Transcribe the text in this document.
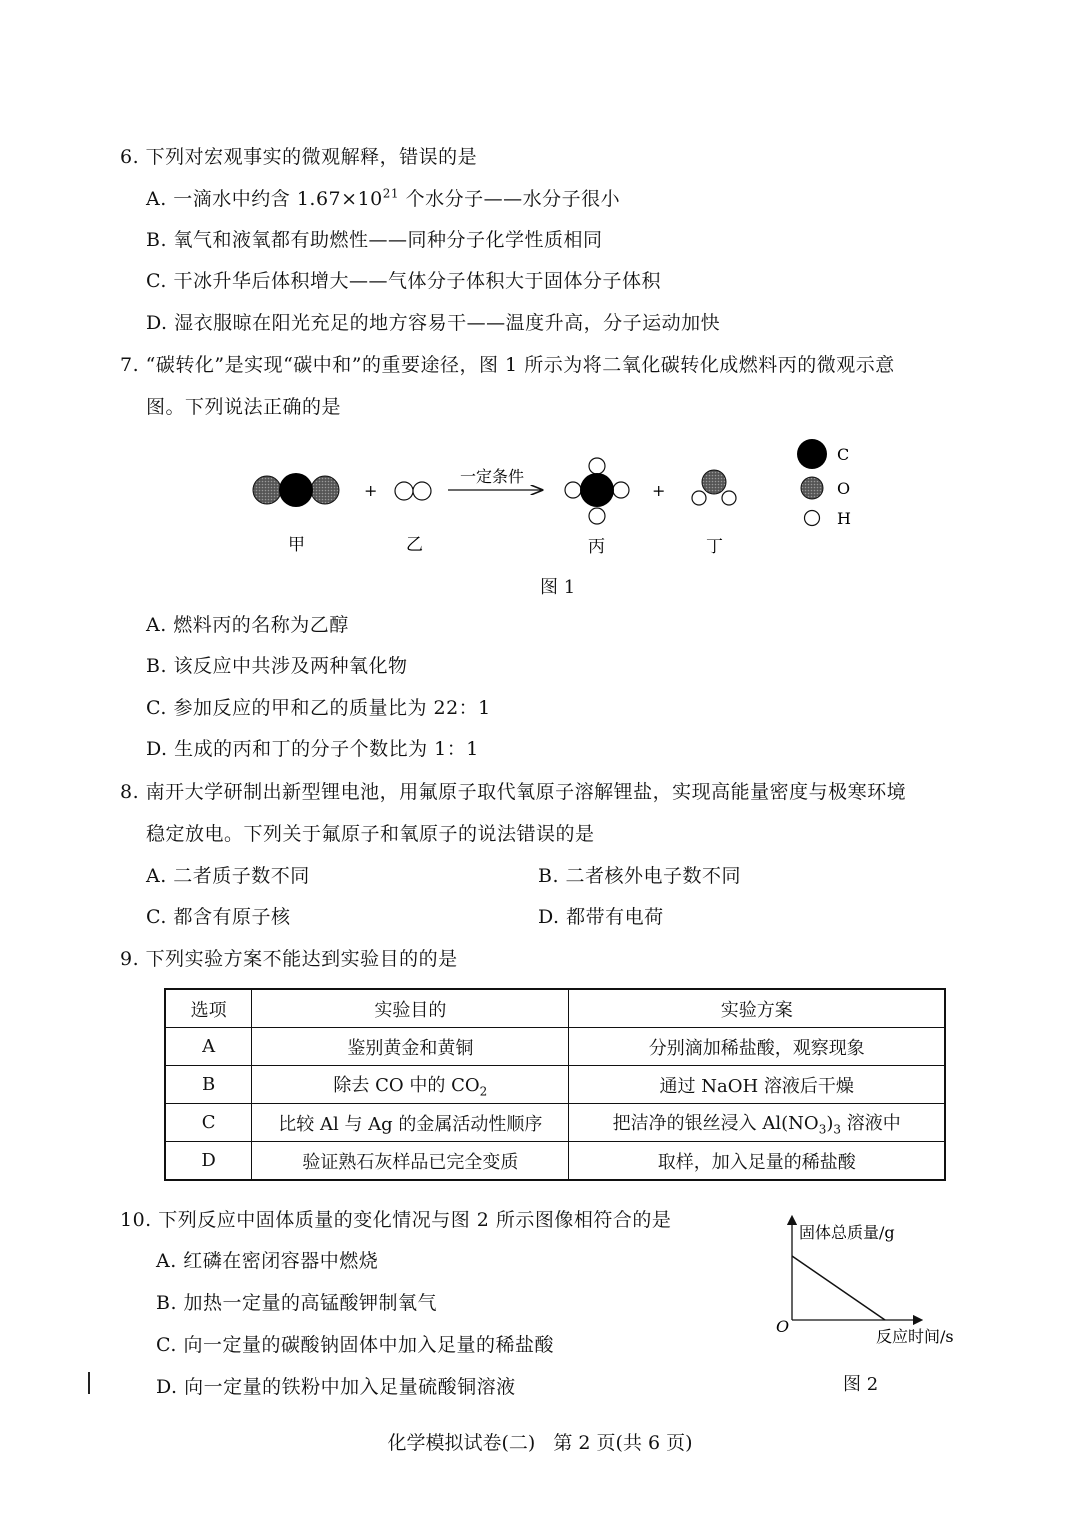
6. 下列对宏观事实的微观解释，错误的是
A. 一滴水中约含 $1.67\times 10^{21}$ 个水分子——水分子很小
B. 氧气和液氧都有助燃性——同种分子化学性质相同
C. 干冰升华后体积增大——气体分子体积大于固体分子体积
D. 湿衣服晾在阳光充足的地方容易干——温度升高，分子运动加快
7. “碳转化”是实现“碳中和”的重要途径，图 1 所示为将二氧化碳转化成燃料丙的微观示意
图。下列说法正确的是
+
一定条件
+
C
O
H
甲	乙	丙	丁
图 1
A. 燃料丙的名称为乙醇
B. 该反应中共涉及两种氧化物
C. 参加反应的甲和乙的质量比为 22：1
D. 生成的丙和丁的分子个数比为 1：1
8. 南开大学研制出新型锂电池，用氟原子取代氧原子溶解锂盐，实现高能量密度与极寒环境
稳定放电。下列关于氟原子和氧原子的说法错误的是
A. 二者质子数不同	B. 二者核外电子数不同
C. 都含有原子核	D. 都带有电荷
9. 下列实验方案不能达到实验目的的是
选项	实验目的	实验方案
A	鉴别黄金和黄铜	分别滴加稀盐酸，观察现象
B	除去 CO 中的 $CO_2$	通过 NaOH 溶液后干燥
C	比较 Al 与 Ag 的金属活动性顺序	把洁净的银丝浸入 $Al(NO_3)_3$ 溶液中
D	验证熟石灰样品已完全变质	取样，加入足量的稀盐酸
10. 下列反应中固体质量的变化情况与图 2 所示图像相符合的是
A. 红磷在密闭容器中燃烧
B. 加热一定量的高锰酸钾制氧气
C. 向一定量的碳酸钠固体中加入足量的稀盐酸
D. 向一定量的铁粉中加入足量硫酸铜溶液
固体总质量/g
反应时间/s
O
图 2
化学模拟试卷(二)   第 2 页(共 6 页)
